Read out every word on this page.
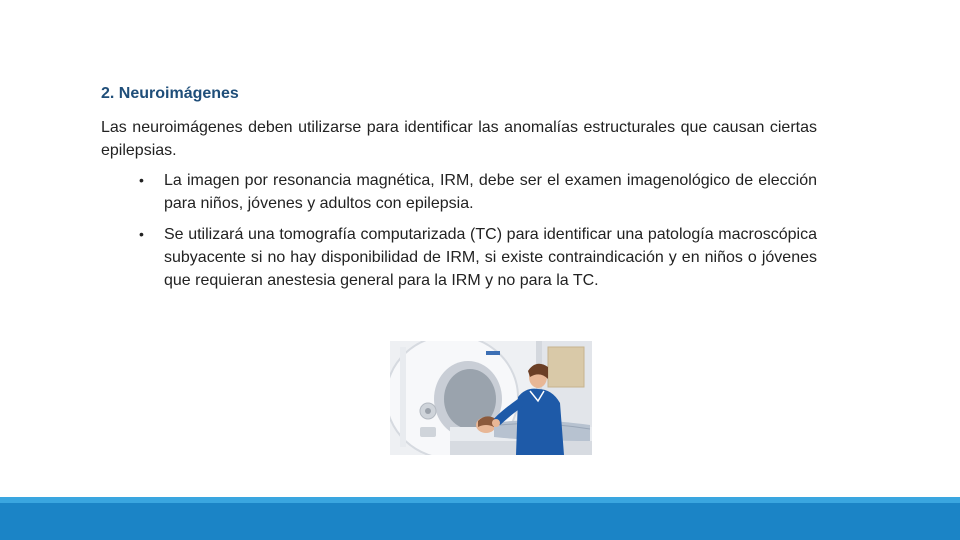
2. Neuroimágenes
Las neuroimágenes deben utilizarse para identificar las anomalías estructurales que causan ciertas epilepsias.
• La imagen por resonancia magnética, IRM, debe ser el examen imagenológico de elección para niños, jóvenes y adultos con epilepsia.
• Se utilizará una tomografía computarizada (TC) para identificar una patología macroscópica subyacente si no hay disponibilidad de IRM, si existe contraindicación y en niños o jóvenes que requieran anestesia general para la IRM y no para la TC.
